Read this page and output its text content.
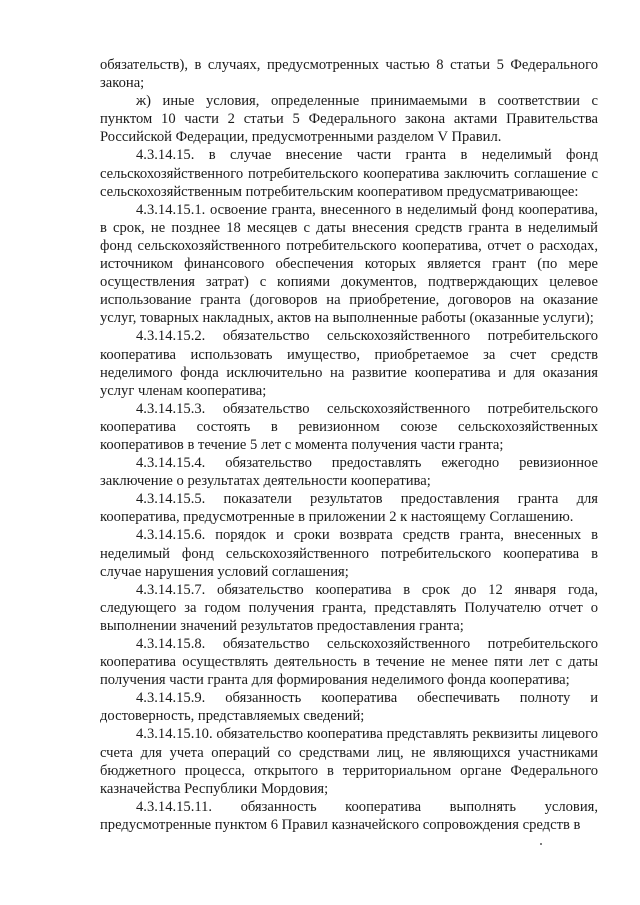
обязательств), в случаях, предусмотренных частью 8 статьи 5 Федерального закона;

ж) иные условия, определенные принимаемыми в соответствии с пунктом 10 части 2 статьи 5 Федерального закона актами Правительства Российской Федерации, предусмотренными разделом V Правил.

4.3.14.15. в случае внесение части гранта в неделимый фонд сельскохозяйственного потребительского кооператива заключить соглашение с сельскохозяйственным потребительским кооперативом предусматривающее:

4.3.14.15.1. освоение гранта, внесенного в неделимый фонд кооператива, в срок, не позднее 18 месяцев с даты внесения средств гранта в неделимый фонд сельскохозяйственного потребительского кооператива, отчет о расходах, источником финансового обеспечения которых является грант (по мере осуществления затрат) с копиями документов, подтверждающих целевое использование гранта (договоров на приобретение, договоров на оказание услуг, товарных накладных, актов на выполненные работы (оказанные услуги);

4.3.14.15.2. обязательство сельскохозяйственного потребительского кооператива использовать имущество, приобретаемое за счет средств неделимого фонда исключительно на развитие кооператива и для оказания услуг членам кооператива;

4.3.14.15.3. обязательство сельскохозяйственного потребительского кооператива состоять в ревизионном союзе сельскохозяйственных кооперативов в течение 5 лет с момента получения части гранта;

4.3.14.15.4. обязательство предоставлять ежегодно ревизионное заключение о результатах деятельности кооператива;

4.3.14.15.5. показатели результатов предоставления гранта для кооператива, предусмотренные в приложении 2 к настоящему Соглашению.

4.3.14.15.6. порядок и сроки возврата средств гранта, внесенных в неделимый фонд сельскохозяйственного потребительского кооператива в случае нарушения условий соглашения;

4.3.14.15.7. обязательство кооператива в срок до 12 января года, следующего за годом получения гранта, представлять Получателю отчет о выполнении значений результатов предоставления гранта;

4.3.14.15.8. обязательство сельскохозяйственного потребительского кооператива осуществлять деятельность в течение не менее пяти лет с даты получения части гранта для формирования неделимого фонда кооператива;

4.3.14.15.9. обязанность кооператива обеспечивать полноту и достоверность, представляемых сведений;

4.3.14.15.10. обязательство кооператива представлять реквизиты лицевого счета для учета операций со средствами лиц, не являющихся участниками бюджетного процесса, открытого в территориальном органе Федерального казначейства Республики Мордовия;

4.3.14.15.11. обязанность кооператива выполнять условия, предусмотренные пунктом 6 Правил казначейского сопровождения средств в
